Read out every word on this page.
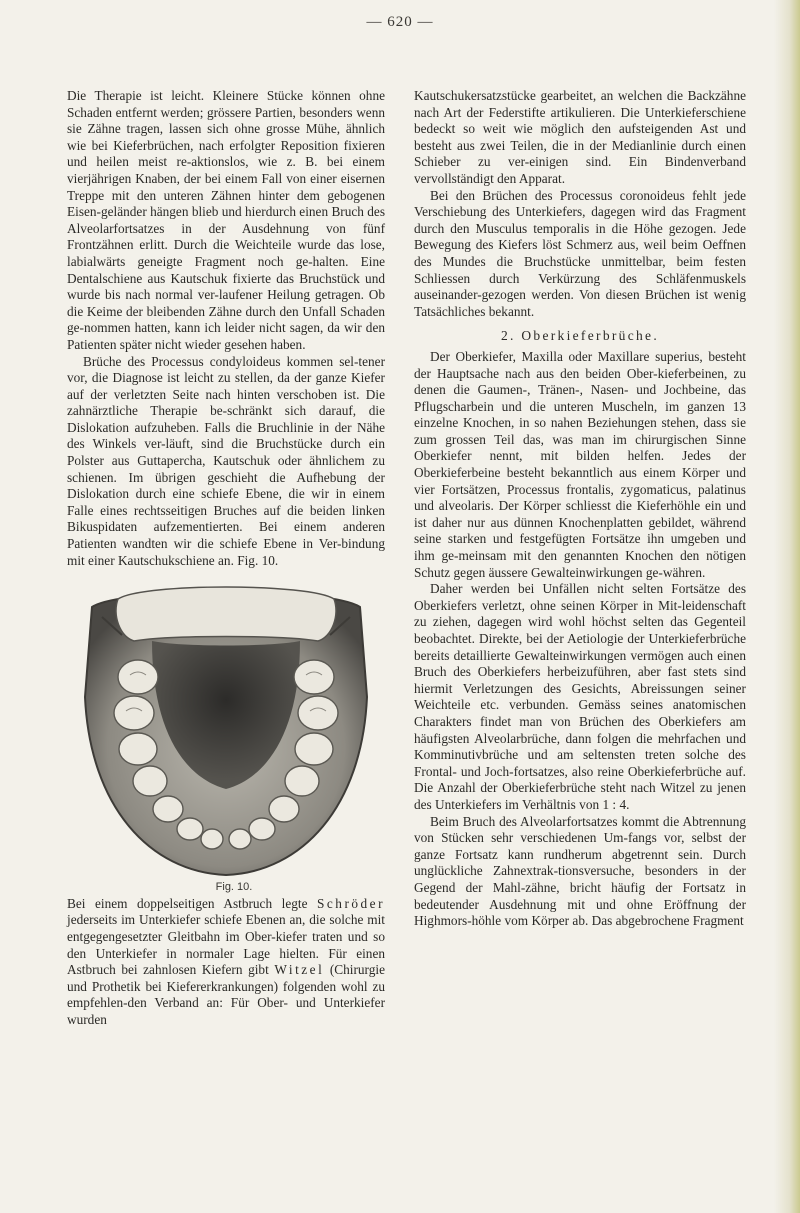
— 620 —

Die Therapie ist leicht. Kleinere Stücke können ohne Schaden entfernt werden; grössere Partien, besonders wenn sie Zähne tragen, lassen sich ohne grosse Mühe, ähnlich wie bei Kieferbrüchen, nach erfolgter Reposition fixieren und heilen meist re-aktionslos, wie z. B. bei einem vierjährigen Knaben, der bei einem Fall von einer eisernen Treppe mit den unteren Zähnen hinter dem gebogenen Eisen-geländer hängen blieb und hierdurch einen Bruch des Alveolarfortsatzes in der Ausdehnung von fünf Frontzähnen erlitt. Durch die Weichteile wurde das lose, labialwärts geneigte Fragment noch ge-halten. Eine Dentalschiene aus Kautschuk fixierte das Bruchstück und wurde bis nach normal ver-laufener Heilung getragen. Ob die Keime der bleibenden Zähne durch den Unfall Schaden ge-nommen hatten, kann ich leider nicht sagen, da wir den Patienten später nicht wieder gesehen haben.

Brüche des Processus condyloideus kommen sel-tener vor, die Diagnose ist leicht zu stellen, da der ganze Kiefer auf der verletzten Seite nach hinten verschoben ist. Die zahnärztliche Therapie be-schränkt sich darauf, die Dislokation aufzuheben. Falls die Bruchlinie in der Nähe des Winkels ver-läuft, sind die Bruchstücke durch ein Polster aus Guttapercha, Kautschuk oder ähnlichem zu schienen. Im übrigen geschieht die Aufhebung der Dislokation durch eine schiefe Ebene, die wir in einem Falle eines rechtsseitigen Bruches auf die beiden linken Bikuspidaten aufzementierten. Bei einem anderen Patienten wandten wir die schiefe Ebene in Ver-bindung mit einer Kautschukschiene an. Fig. 10.

Fig. 10.

Bei einem doppelseitigen Astbruch legte Schröder jederseits im Unterkiefer schiefe Ebenen an, die solche mit entgegengesetzter Gleitbahn im Ober-kiefer traten und so den Unterkiefer in normaler Lage hielten. Für einen Astbruch bei zahnlosen Kiefern gibt Witzel (Chirurgie und Prothetik bei Kiefererkrankungen) folgenden wohl zu empfehlen-den Verband an: Für Ober- und Unterkiefer wurden

Kautschukersatzstücke gearbeitet, an welchen die Backzähne nach Art der Federstifte artikulieren. Die Unterkieferschiene bedeckt so weit wie möglich den aufsteigenden Ast und besteht aus zwei Teilen, die in der Medianlinie durch einen Schieber zu ver-einigen sind. Ein Bindenverband vervollständigt den Apparat.

Bei den Brüchen des Processus coronoideus fehlt jede Verschiebung des Unterkiefers, dagegen wird das Fragment durch den Musculus temporalis in die Höhe gezogen. Jede Bewegung des Kiefers löst Schmerz aus, weil beim Oeffnen des Mundes die Bruchstücke unmittelbar, beim festen Schliessen durch Verkürzung des Schläfenmuskels auseinander-gezogen werden. Von diesen Brüchen ist wenig Tatsächliches bekannt.

2. Oberkieferbrüche.

Der Oberkiefer, Maxilla oder Maxillare superius, besteht der Hauptsache nach aus den beiden Ober-kieferbeinen, zu denen die Gaumen-, Tränen-, Nasen- und Jochbeine, das Pflugscharbein und die unteren Muscheln, im ganzen 13 einzelne Knochen, in so nahen Beziehungen stehen, dass sie zum grossen Teil das, was man im chirurgischen Sinne Oberkiefer nennt, mit bilden helfen. Jedes der Oberkieferbeine besteht bekanntlich aus einem Körper und vier Fortsätzen, Processus frontalis, zygomaticus, palatinus und alveolaris. Der Körper schliesst die Kieferhöhle ein und ist daher nur aus dünnen Knochenplatten gebildet, während seine starken und festgefügten Fortsätze ihn umgeben und ihm ge-meinsam mit den genannten Knochen den nötigen Schutz gegen äussere Gewalteinwirkungen ge-währen.

Daher werden bei Unfällen nicht selten Fortsätze des Oberkiefers verletzt, ohne seinen Körper in Mit-leidenschaft zu ziehen, dagegen wird wohl höchst selten das Gegenteil beobachtet. Direkte, bei der Aetiologie der Unterkieferbrüche bereits detaillierte Gewalteinwirkungen vermögen auch einen Bruch des Oberkiefers herbeizuführen, aber fast stets sind hiermit Verletzungen des Gesichts, Abreissungen seiner Weichteile etc. verbunden. Gemäss seines anatomischen Charakters findet man von Brüchen des Oberkiefers am häufigsten Alveolarbrüche, dann folgen die mehrfachen und Komminutivbrüche und am seltensten treten solche des Frontal- und Joch-fortsatzes, also reine Oberkieferbrüche auf. Die Anzahl der Oberkieferbrüche steht nach Witzel zu jenen des Unterkiefers im Verhältnis von 1 : 4.

Beim Bruch des Alveolarfortsatzes kommt die Abtrennung von Stücken sehr verschiedenen Um-fangs vor, selbst der ganze Fortsatz kann rundherum abgetrennt sein. Durch unglückliche Zahnextrak-tionsversuche, besonders in der Gegend der Mahl-zähne, bricht häufig der Fortsatz in bedeutender Ausdehnung mit und ohne Eröffnung der Highmors-höhle vom Körper ab. Das abgebrochene Fragment
